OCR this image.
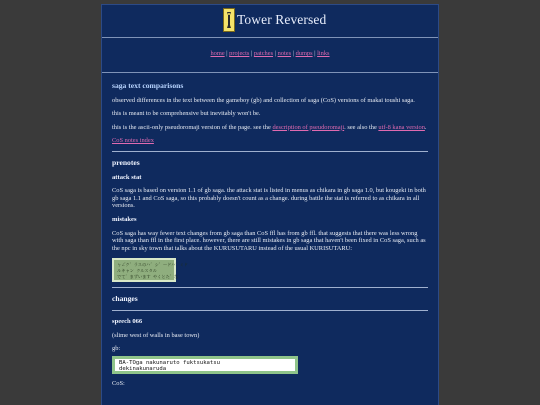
Tower Reversed
home | projects | patches | notes | dumps | links
saga text comparisons

observed differences in the text between the gameboy (gb) and collection of saga (CoS) versions of makai toushi saga.

this is meant to be comprehensive but inevitably won't be.

this is the ascii-only pseudoromaji version of the page. see the description of pseudoromaji. see also the utf-8 kana version.

CoS notes index

prenotes
attack stat

CoS saga is based on version 1.1 of gb saga. the attack stat is listed in menus as chikara in gb saga 1.0, but kougeki in both gb saga 1.1 and CoS saga, so this probably doesn't count as a change. during battle the stat is referred to as chikara in all versions.

mistakes

CoS saga has way fewer text changes from gb saga than CoS ffl has from gb ffl. that suggests that there was less wrong with saga than ffl in the first place. however, there are still mistakes in gb saga that haven't been fixed in CoS saga, such as the npc in sky town that talks about the KURUSUTARU instead of the usual KURISUTARU:

ㄅㄥ゙ク゛ラスのハ゛シ゛ードハ゛ミド
ルキャン クルスタル
でて゛まずいます やくとた゛な
changes
speech 066

(slime west of walls in base town)

gb:
BA-TOga nakunaruto fuktsukatsu
dekinakunaruda
CoS:
